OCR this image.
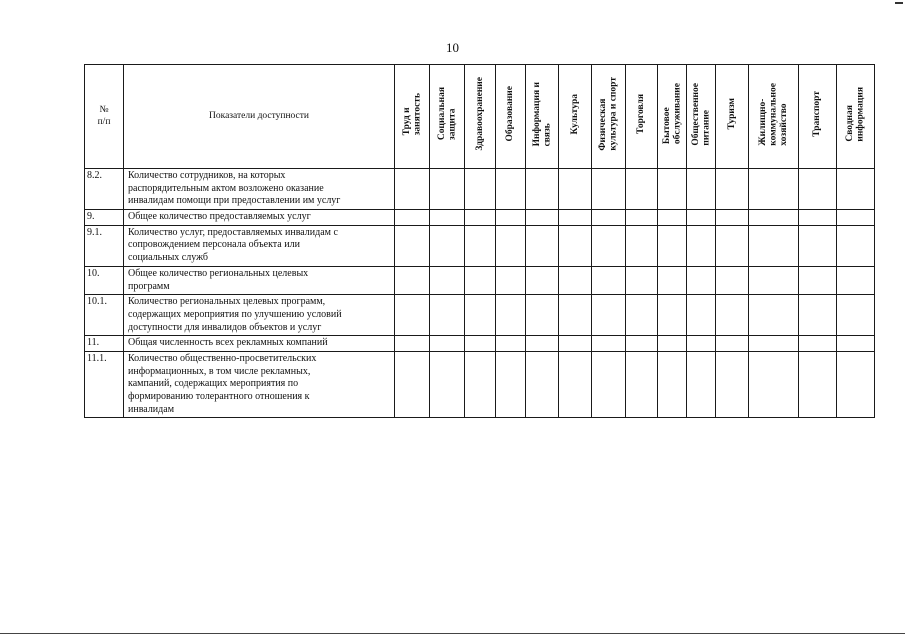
10
№
п/п	Показатели доступности	Труд и занятость	Социальная защита	Здравоохранение	Образование	Информация и связь	Культура	Физическая культура и спорт	Торговля	Бытовое обслуживание	Общественное питание	Туризм	Жилищно- коммунальное хозяйство	Транспорт	Сводная информация

8.2.	Количество сотрудников, на которых
распорядительным актом возложено оказание
инвалидам помощи при предоставлении им услуг														

9.	Общее количество предоставляемых услуг														

9.1.	Количество услуг, предоставляемых инвалидам с
сопровождением персонала объекта или
социальных служб														

10.	Общее количество региональных целевых
программ														

10.1.	Количество региональных целевых программ,
содержащих мероприятия по улучшению условий
доступности для инвалидов объектов и услуг														

11.	Общая численность всех рекламных компаний														

11.1.	Количество общественно-просветительских
информационных, в том числе рекламных,
кампаний, содержащих мероприятия по
формированию толерантного отношения к
инвалидам														
